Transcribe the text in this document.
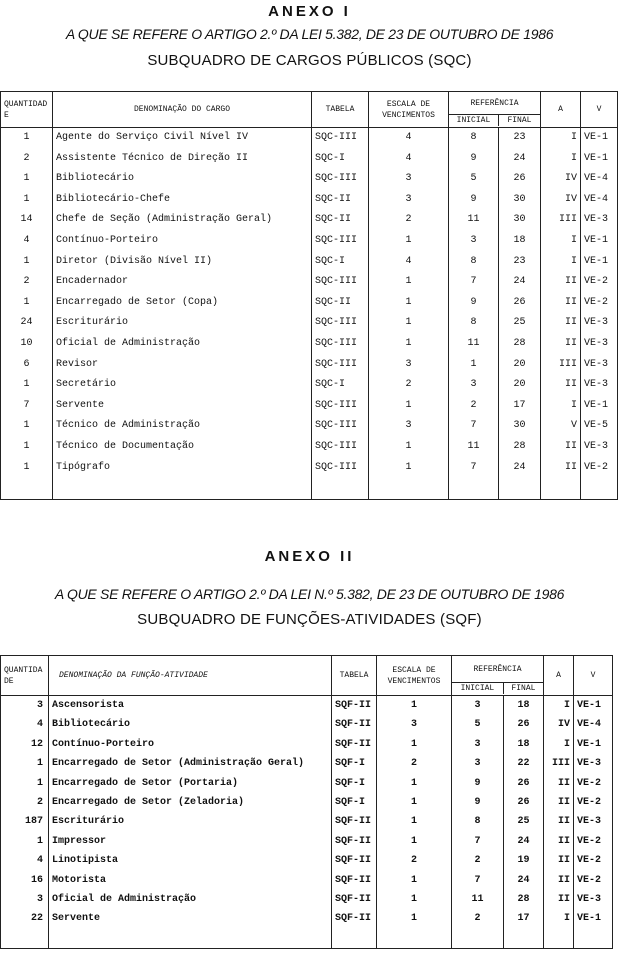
ANEXO I
A QUE SE REFERE O ARTIGO 2.º DA LEI 5.382, DE 23 DE OUTUBRO DE 1986
SUBQUADRO DE CARGOS PÚBLICOS (SQC)
QUANTIDADE	DENOMINAÇÃO DO CARGO	TABELA	ESCALA DE VENCIMENTOS	REFERÊNCIA
INICIAL FINAL		A	V
1	Agente do Serviço Civil Nível IV	SQC-III	4	8	23	I	VE-1
2	Assistente Técnico de Direção II	SQC-I	4	9	24	I	VE-1
1	Bibliotecário	SQC-III	3	5	26	IV	VE-4
1	Bibliotecário-Chefe	SQC-II	3	9	30	IV	VE-4
14	Chefe de Seção (Administração Geral)	SQC-II	2	11	30	III	VE-3
4	Contínuo-Porteiro	SQC-III	1	3	18	I	VE-1
1	Diretor (Divisão Nível II)	SQC-I	4	8	23	I	VE-1
2	Encadernador	SQC-III	1	7	24	II	VE-2
1	Encarregado de Setor (Copa)	SQC-II	1	9	26	II	VE-2
24	Escriturário	SQC-III	1	8	25	II	VE-3
10	Oficial de Administração	SQC-III	1	11	28	II	VE-3
6	Revisor	SQC-III	3	1	20	III	VE-3
1	Secretário	SQC-I	2	3	20	II	VE-3
7	Servente	SQC-III	1	2	17	I	VE-1
1	Técnico de Administração	SQC-III	3	7	30	V	VE-5
1	Técnico de Documentação	SQC-III	1	11	28	II	VE-3
1	Tipógrafo	SQC-III	1	7	24	II	VE-2

ANEXO II
A QUE SE REFERE O ARTIGO 2.º DA LEI N.º 5.382, DE 23 DE OUTUBRO DE 1986
SUBQUADRO DE FUNÇÕES-ATIVIDADES (SQF)
QUANTIDADE	DENOMINAÇÃO DA FUNÇÃO-ATIVIDADE	TABELA	ESCALA DE VENCIMENTOS	REFERÊNCIA
INICIAL FINAL		A	V
3	Ascensorista	SQF-II	1	3	18	I	VE-1
4	Bibliotecário	SQF-II	3	5	26	IV	VE-4
12	Contínuo-Porteiro	SQF-II	1	3	18	I	VE-1
1	Encarregado de Setor (Administração Geral)	SQF-I	2	3	22	III	VE-3
1	Encarregado de Setor (Portaria)	SQF-I	1	9	26	II	VE-2
2	Encarregado de Setor (Zeladoria)	SQF-I	1	9	26	II	VE-2
187	Escriturário	SQF-II	1	8	25	II	VE-3
1	Impressor	SQF-II	1	7	24	II	VE-2
4	Linotipista	SQF-II	2	2	19	II	VE-2
16	Motorista	SQF-II	1	7	24	II	VE-2
3	Oficial de Administração	SQF-II	1	11	28	II	VE-3
22	Servente	SQF-II	1	2	17	I	VE-1
